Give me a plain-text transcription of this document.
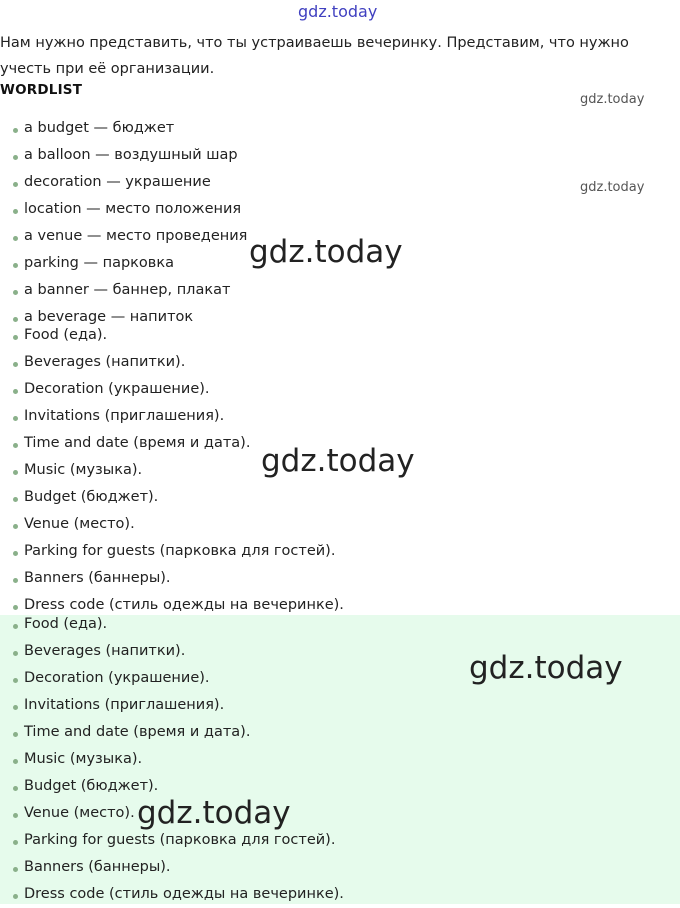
gdz.today

Нам нужно представить, что ты устраиваешь вечеринку. Представим, что нужно учесть при её организации.

WORDLIST
a budget — бюджет
a balloon — воздушный шар
decoration — украшение
location — место положения
a venue — место проведения
parking — парковка
a banner — баннер, плакат
a beverage — напиток
Food (еда).
Beverages (напитки).
Decoration (украшение).
Invitations (приглашения).
Time and date (время и дата).
Music (музыка).
Budget (бюджет).
Venue (место).
Parking for guests (парковка для гостей).
Banners (баннеры).
Dress code (стиль одежды на вечеринке).
Food (еда).
Beverages (напитки).
Decoration (украшение).
Invitations (приглашения).
Time and date (время и дата).
Music (музыка).
Budget (бюджет).
Venue (место).
Parking for guests (парковка для гостей).
Banners (баннеры).
Dress code (стиль одежды на вечеринке).
gdz.today
gdz.today
gdz.today
gdz.today
gdz.today
gdz.today
